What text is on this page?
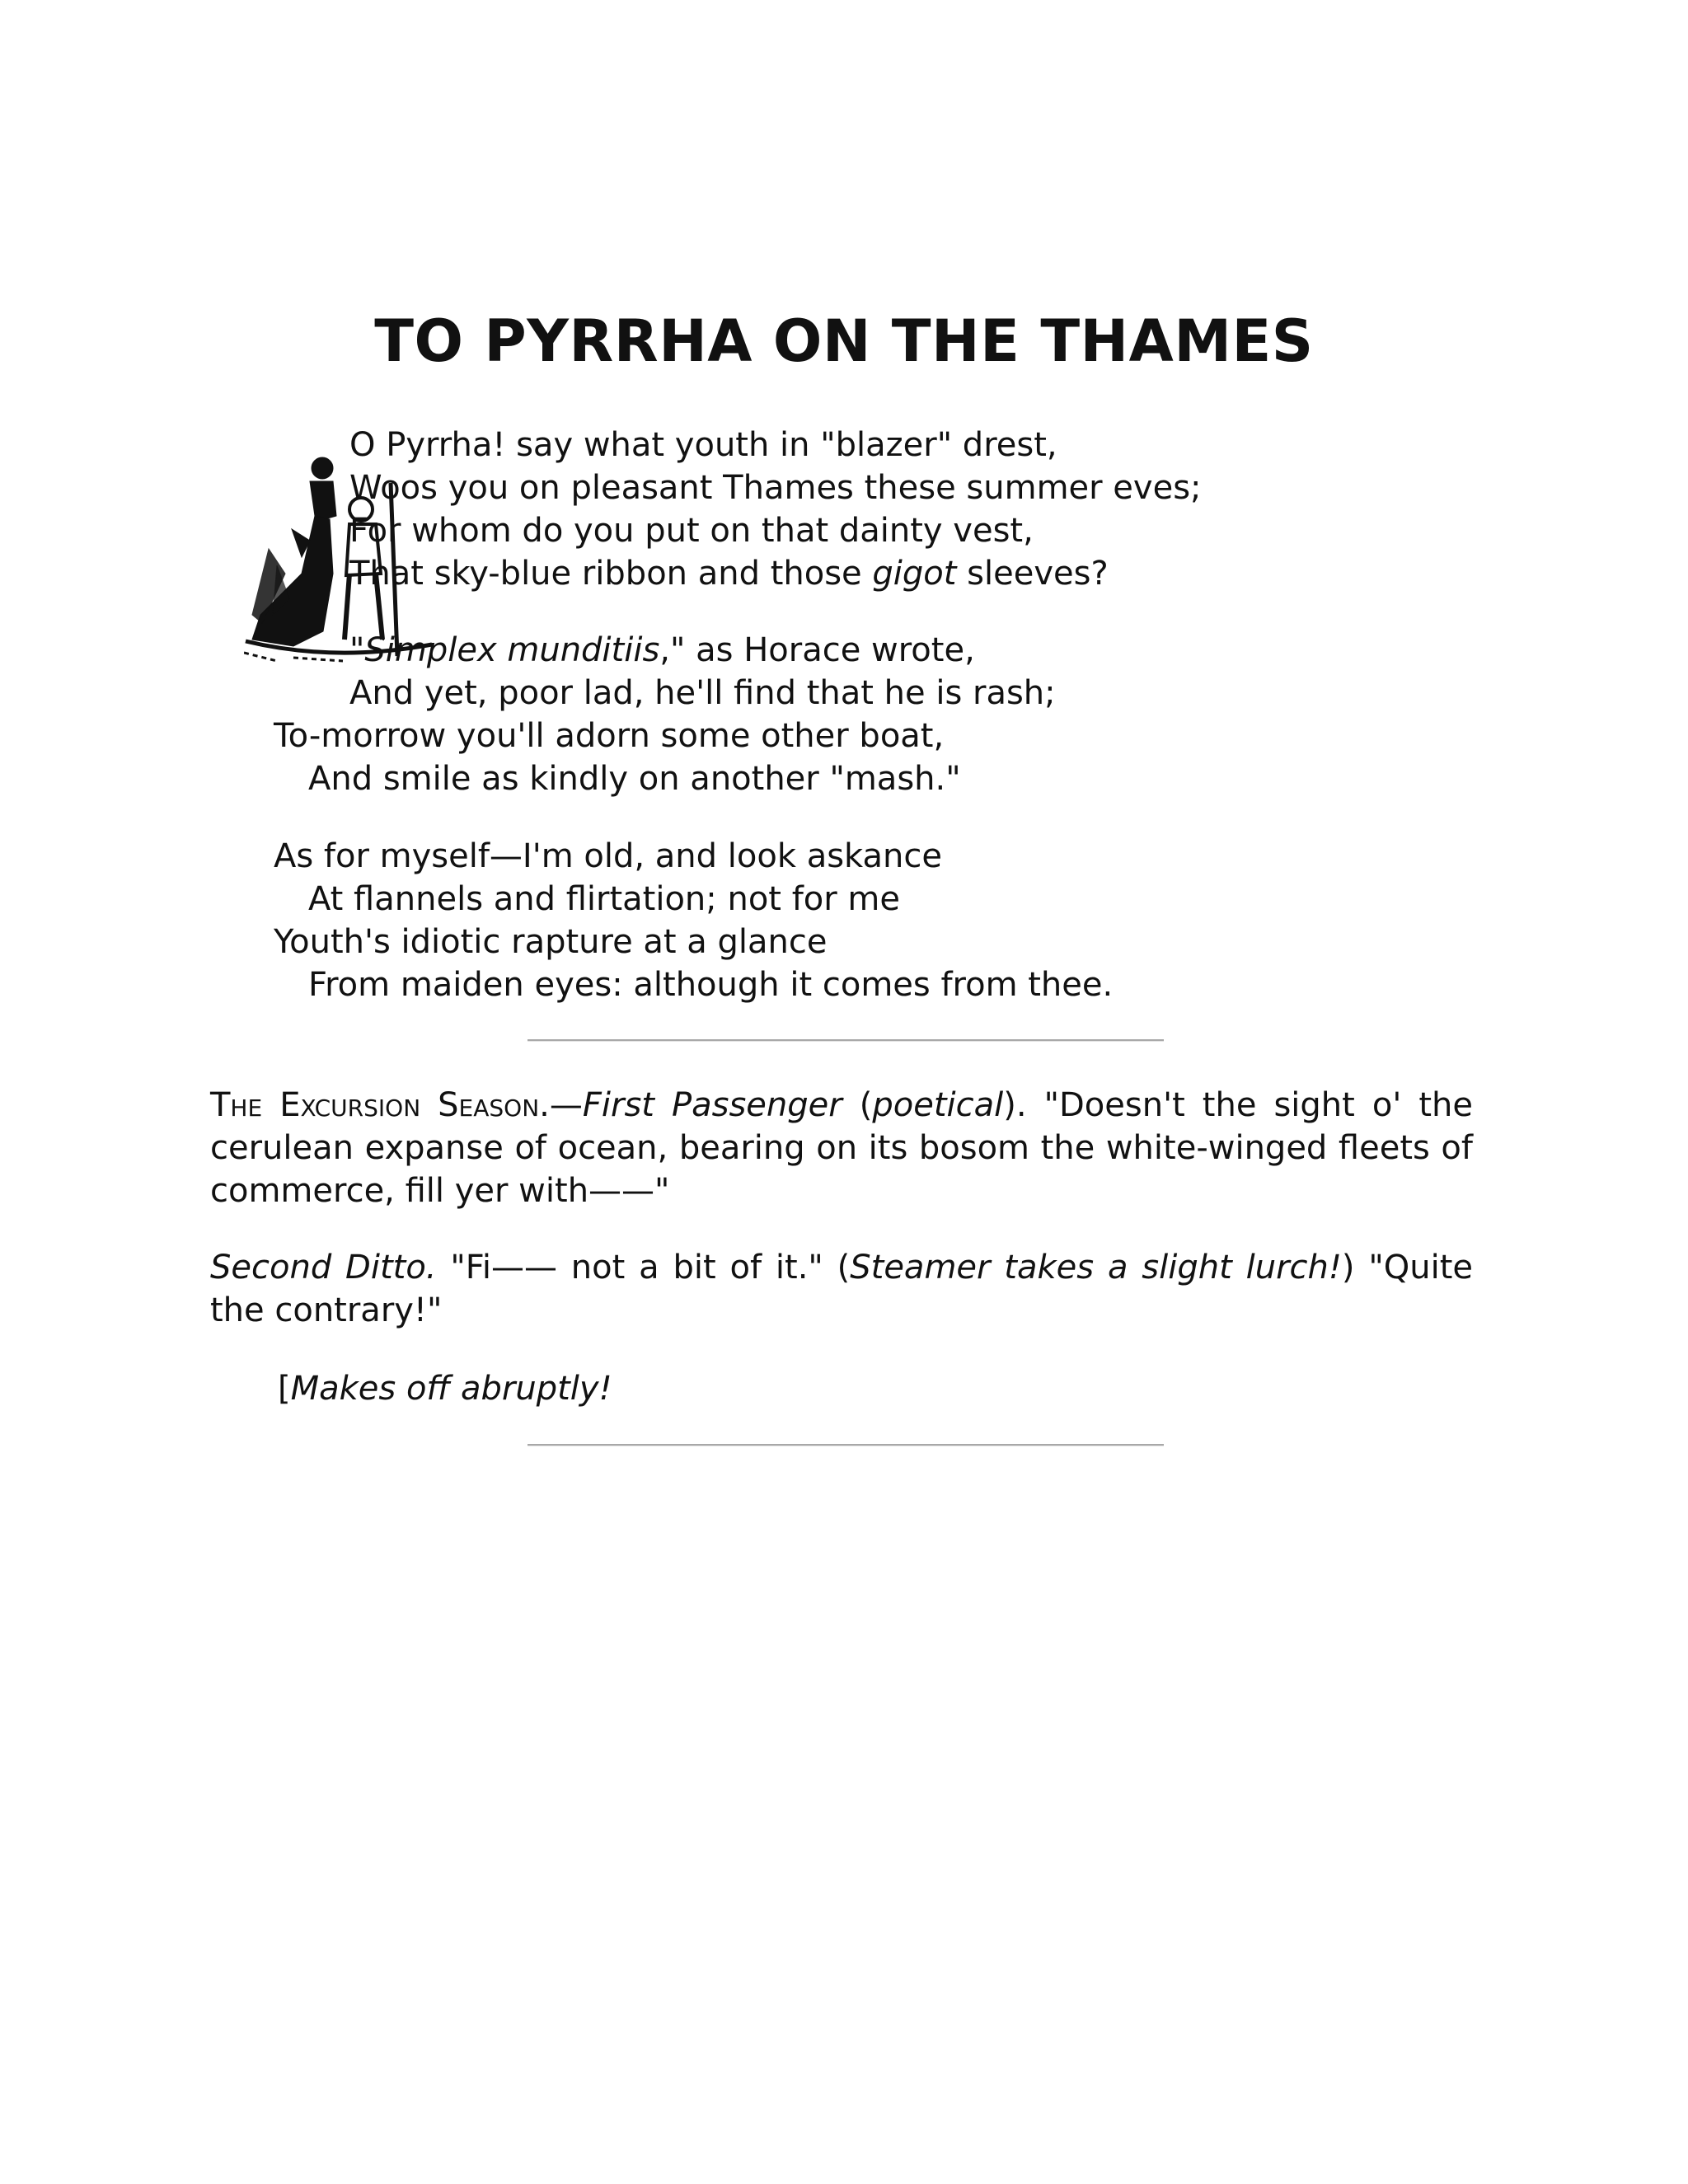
TO PYRRHA ON THE THAMES
O Pyrrha! say what youth in "blazer" drest,
Woos you on pleasant Thames these summer eves;
For whom do you put on that dainty vest,
That sky-blue ribbon and those gigot sleeves?
"Simplex munditiis," as Horace wrote,
And yet, poor lad, he'll find that he is rash;
To-morrow you'll adorn some other boat,
And smile as kindly on another "mash."
As for myself—I'm old, and look askance
At flannels and flirtation; not for me
Youth's idiotic rapture at a glance
From maiden eyes: although it comes from thee.

The Excursion Season.—First Passenger (poetical). "Doesn't the sight o' the cerulean expanse of ocean, bearing on its bosom the white-winged fleets of commerce, fill yer with——"

Second Ditto. "Fi—— not a bit of it." (Steamer takes a slight lurch!) "Quite the contrary!"

[Makes off abruptly!
